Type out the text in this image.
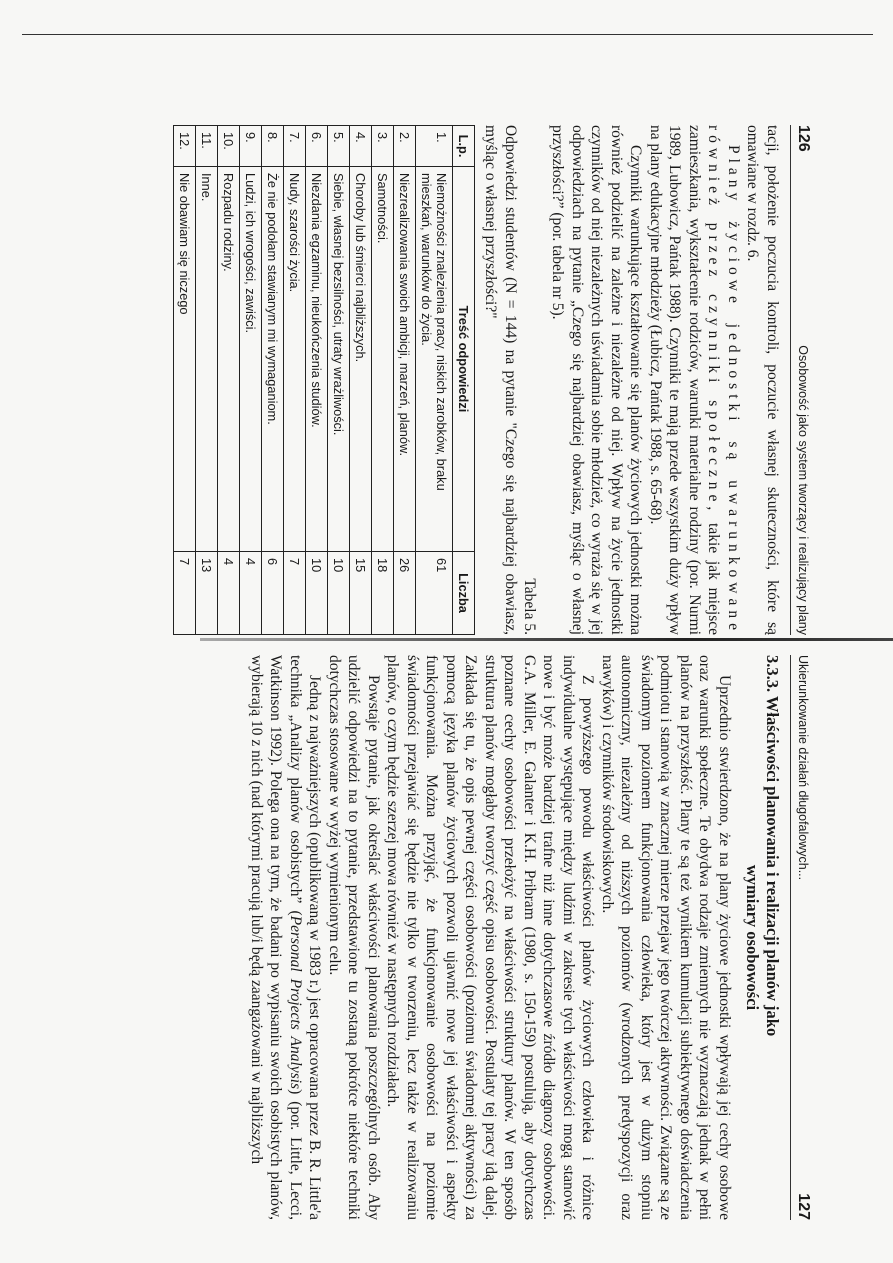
126
Osobowość jako system tworzący i realizujący plany

tacji, położenie poczucia kontroli, poczucie własnej skuteczności, które są omawiane w rozdz. 6.

Plany życiowe jednostki są uwarunkowane również przez czynniki społeczne, takie jak miejsce zamieszkania, wykształcenie rodziców, warunki materialne rodziny (por. Nurmi 1989, Lubowicz, Pańtak 1988). Czynniki te mają przede wszystkim duży wpływ na plany edukacyjne młodzieży (Łubicz, Pańtak 1988, s. 65-68).

Czynniki warunkujące kształtowanie się planów życiowych jednostki można również podzielić na zależne i niezależne od niej. Wpływ na życie jednostki czynników od niej niezależnych uświadamia sobie młodzież, co wyraża się w jej odpowiedziach na pytanie „Czego się najbardziej obawiasz, myśląc o własnej przyszłości?” (por. tabela nr 5).

Tabela 5.

Odpowiedzi studentów (N = 144) na pytanie "Czego się najbardziej obawiasz, myśląc o własnej przyszłości?"

L.p.	Treść odpowiedzi	Liczba
1.	Niemożności znalezienia pracy, niskich zarobków, braku mieszkań, warunków do życia.	61
2.	Niezrealizowania swoich ambicji, marzeń, planów.	26
3.	Samotności.	18
4.	Choroby lub śmierci najbliższych.	15
5.	Siebie, własnej bezsilności, utraty wrażliwości.	10
6.	Niezdania egzaminu, nieukończenia studiów.	10
7.	Nudy, szarości życia.	7
8.	Że nie podołam stawianym mi wymaganiom.	6
9.	Ludzi, ich wrogości, zawiści.	4
10.	Rozpadu rodziny.	4
11.	Inne.	13
12.	Nie obawiam się niczego	7
Ukierunkowanie działań długofalowych...
127
3.3.3. Właściwości planowania i realizacji planów jako
wymiary osobowości

Uprzednio stwierdzono, że na plany życiowe jednostki wpływają jej cechy osobowe oraz warunki społeczne. Te obydwa rodzaje zmiennych nie wyznaczają jednak w pełni planów na przyszłość. Plany te są też wynikiem kumulacji subiektywnego doświadczenia podmiotu i stanowią w znacznej mierze przejaw jego twórczej aktywności. Związane są ze świadomym poziomem funkcjonowania człowieka, który jest w dużym stopniu autonomiczny, niezależny od niższych poziomów (wrodzonych predyspozycji oraz nawyków) i czynników środowiskowych.

Z powyższego powodu właściwości planów życiowych człowieka i różnice indywidualne występujące między ludźmi w zakresie tych właściwości mogą stanowić nowe i być może bardziej trafne niż inne dotychczasowe źródło diagnozy osobowości. G.A. Miller, E. Galanter i K.H. Pribram (1980, s. 150-159) postulują, aby dotychczas poznane cechy osobowości przełożyć na właściwości struktury planów. W ten sposób struktura planów mogłaby tworzyć część opisu osobowości. Postulaty tej pracy idą dalej. Zakłada się tu, że opis pewnej części osobowości (poziomu świadomej aktywności) za pomocą języka planów życiowych pozwoli ujawnić nowe jej właściwości i aspekty funkcjonowania. Można przyjąć, że funkcjonowanie osobowości na poziomie świadomości przejawiać się będzie nie tylko w tworzeniu, lecz także w realizowaniu planów, o czym będzie szerzej mowa również w następnych rozdziałach.

Powstaje pytanie, jak określać właściwości planowania poszczególnych osób. Aby udzielić odpowiedzi na to pytanie, przedstawione tu zostaną pokrótce niektóre techniki dotychczas stosowane w wyżej wymienionym celu.

Jedną z najważniejszych (opublikowaną w 1983 r.) jest opracowana przez B. R. Little'a technika „Analizy planów osobistych” (Personal Projects Analysis) (por. Little, Lecci, Watkinson 1992). Polega ona na tym, że badani po wypisaniu swoich osobistych planów, wybierają 10 z nich (nad którymi pracują lub/i będą zaangażowani w najbliższych
